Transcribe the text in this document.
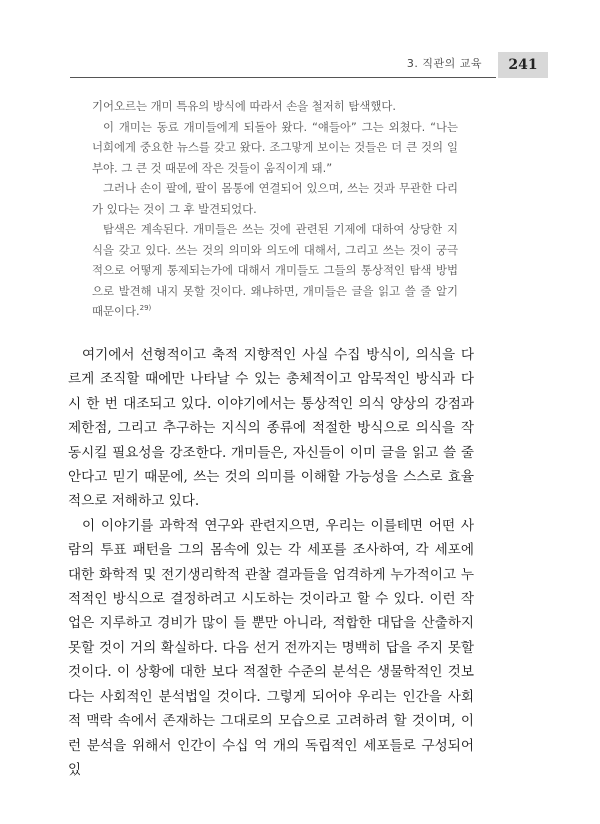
3. 직관의 교육	241

기어오르는 개미 특유의 방식에 따라서 손을 철저히 탐색했다.

이 개미는 동료 개미들에게 되돌아 왔다. “얘들아” 그는 외쳤다. “나는 너희에게 중요한 뉴스를 갖고 왔다. 조그맣게 보이는 것들은 더 큰 것의 일부야. 그 큰 것 때문에 작은 것들이 움직이게 돼.”

그러나 손이 팔에, 팔이 몸통에 연결되어 있으며, 쓰는 것과 무관한 다리가 있다는 것이 그 후 발견되었다.

탐색은 계속된다. 개미들은 쓰는 것에 관련된 기제에 대하여 상당한 지식을 갖고 있다. 쓰는 것의 의미와 의도에 대해서, 그리고 쓰는 것이 궁극적으로 어떻게 통제되는가에 대해서 개미들도 그들의 통상적인 탐색 방법으로 발견해 내지 못할 것이다. 왜냐하면, 개미들은 글을 읽고 쓸 줄 알기 때문이다.$^{29)}$

여기에서 선형적이고 축적 지향적인 사실 수집 방식이, 의식을 다르게 조직할 때에만 나타날 수 있는 총체적이고 암묵적인 방식과 다시 한 번 대조되고 있다. 이야기에서는 통상적인 의식 양상의 강점과 제한점, 그리고 추구하는 지식의 종류에 적절한 방식으로 의식을 작동시킬 필요성을 강조한다. 개미들은, 자신들이 이미 글을 읽고 쓸 줄 안다고 믿기 때문에, 쓰는 것의 의미를 이해할 가능성을 스스로 효율적으로 저해하고 있다.

이 이야기를 과학적 연구와 관련지으면, 우리는 이를테면 어떤 사람의 투표 패턴을 그의 몸속에 있는 각 세포를 조사하여, 각 세포에 대한 화학적 및 전기생리학적 관찰 결과들을 엄격하게 누가적이고 누적적인 방식으로 결정하려고 시도하는 것이라고 할 수 있다. 이런 작업은 지루하고 경비가 많이 들 뿐만 아니라, 적합한 대답을 산출하지 못할 것이 거의 확실하다. 다음 선거 전까지는 명백히 답을 주지 못할 것이다. 이 상황에 대한 보다 적절한 수준의 분석은 생물학적인 것보다는 사회적인 분석법일 것이다. 그렇게 되어야 우리는 인간을 사회적 맥락 속에서 존재하는 그대로의 모습으로 고려하려 할 것이며, 이런 분석을 위해서 인간이 수십 억 개의 독립적인 세포들로 구성되어 있
